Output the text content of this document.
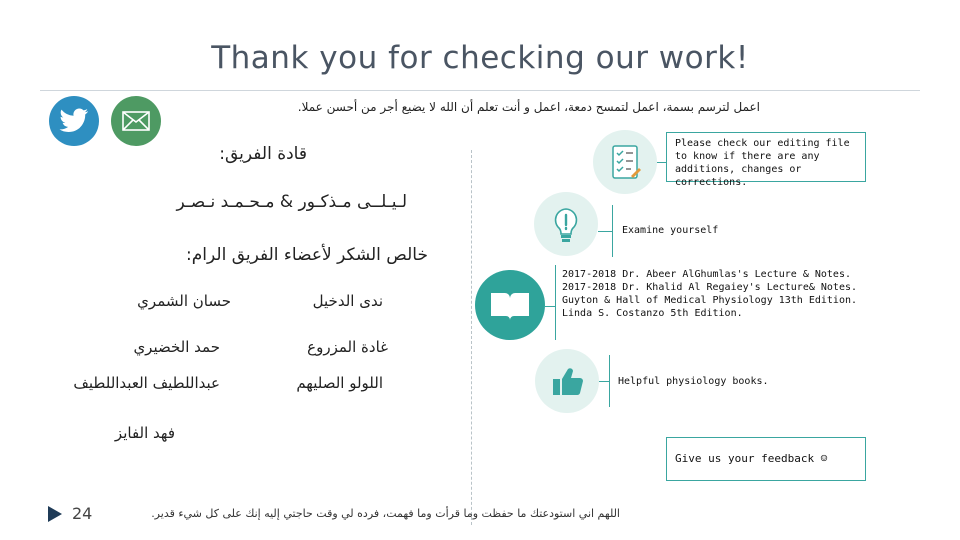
Thank you for checking our work!
اعمل لترسم بسمة، اعمل لتمسح دمعة، اعمل و أنت تعلم أن الله لا يضيع أجر من أحسن عملا.
قادة الفريق:
لـيـلــى مـذكـور & مـحـمـد نـصـر
خالص الشكر لأعضاء الفريق الرام:
ندى الدخيل
حسان الشمري
غادة المزروع
حمد الخضيري
اللولو الصليهم
عبداللطيف العبداللطيف
فهد الفايز
Please check our editing file to know if there are any additions, changes or corrections.
Examine yourself
2017-2018 Dr. Abeer AlGhumlas's Lecture & Notes.
2017-2018 Dr. Khalid Al Regaiey's Lecture& Notes.
Guyton & Hall of Medical Physiology 13th Edition.
Linda S. Costanzo 5th Edition.
Helpful physiology books.
Give us your feedback ☺
24	اللهم اني استودعتك ما حفظت وما قرأت وما فهمت، فرده لي وقت حاجتي إليه إنك على كل شيء قدير.
